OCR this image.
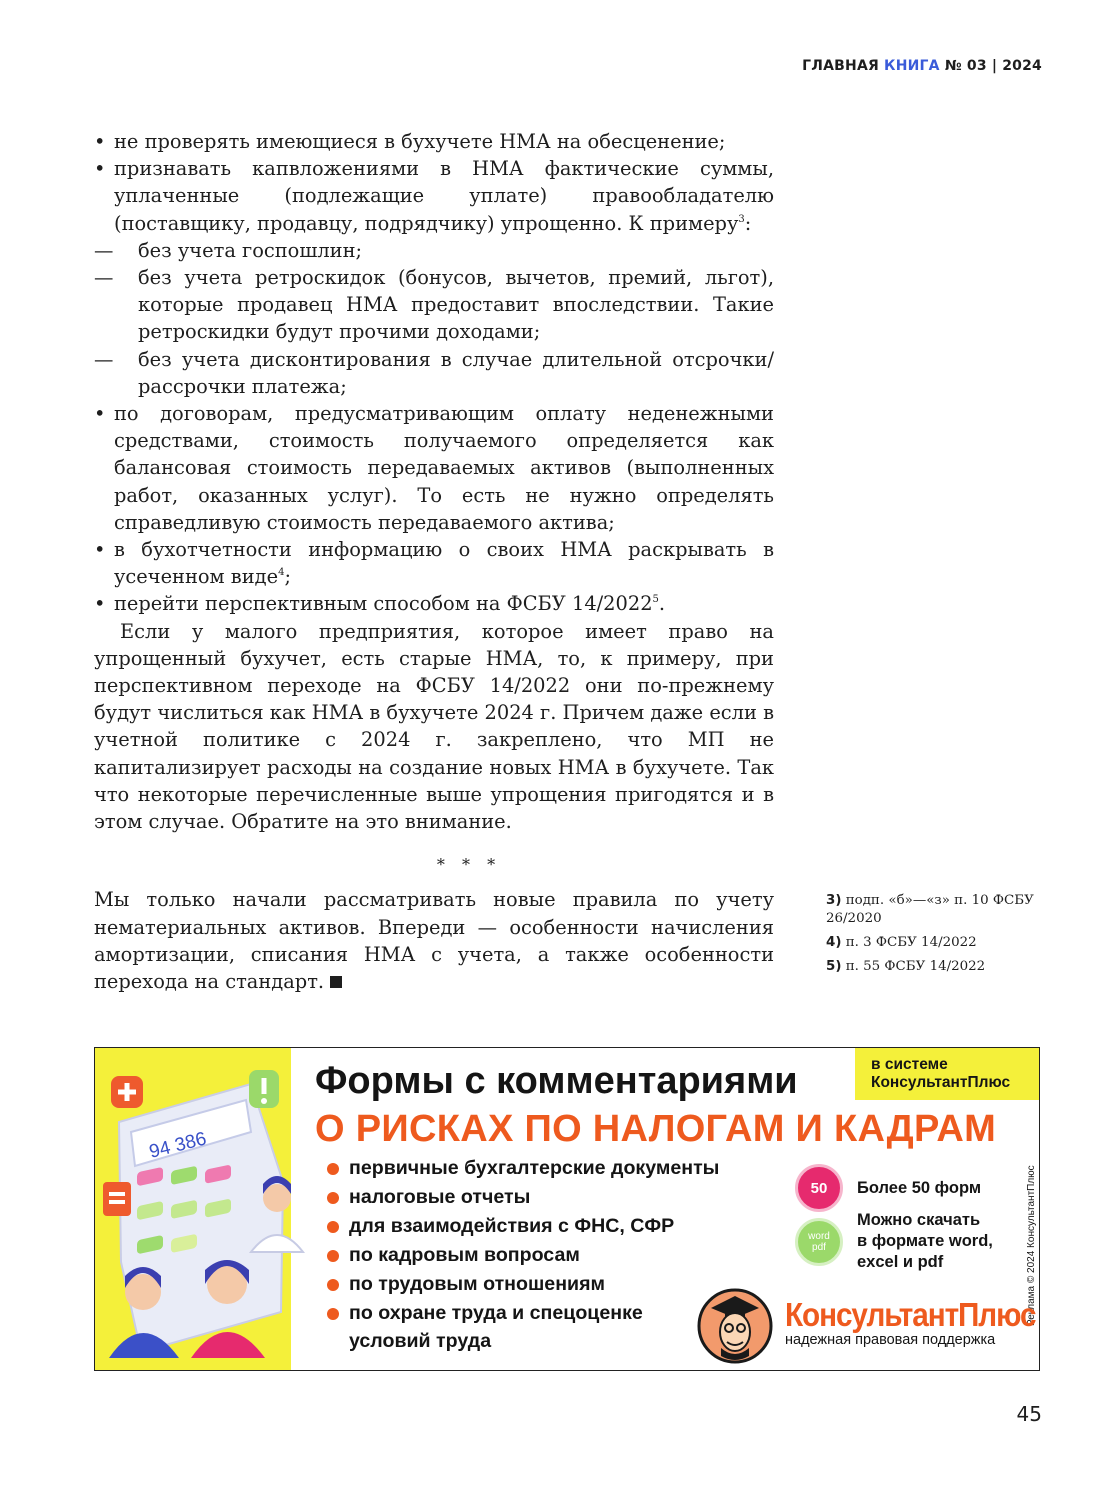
ГЛАВНАЯ КНИГА № 03 | 2024

• не проверять имеющиеся в бухучете НМА на обесценение;

• признавать капвложениями в НМА фактические суммы, уплаченные (подлежащие уплате) правообладателю (поставщику, продавцу, подрядчику) упрощенно. К примеру$^3$:

— без учета госпошлин;

— без учета ретроскидок (бонусов, вычетов, премий, льгот), которые продавец НМА предоставит впоследствии. Такие ретроскидки будут прочими доходами;

— без учета дисконтирования в случае длительной отсрочки/рассрочки платежа;

• по договорам, предусматривающим оплату неденежными средствами, стоимость получаемого определяется как балансовая стоимость передаваемых активов (выполненных работ, оказанных услуг). То есть не нужно определять справедливую стоимость передаваемого актива;

• в бухотчетности информацию о своих НМА раскрывать в усеченном виде$^4$;

• перейти перспективным способом на ФСБУ 14/2022$^5$.

Если у малого предприятия, которое имеет право на упрощенный бухучет, есть старые НМА, то, к примеру, при перспективном переходе на ФСБУ 14/2022 они по-прежнему будут числиться как НМА в бухучете 2024 г. Причем даже если в учетной политике с 2024 г. закреплено, что МП не капитализирует расходы на создание новых НМА в бухучете. Так что некоторые перечисленные выше упрощения пригодятся и в этом случае. Обратите на это внимание.

* * *

Мы только начали рассматривать новые правила по учету нематериальных активов. Впереди — особенности начисления амортизации, списания НМА с учета, а также особенности перехода на стандарт.

3) подп. «б»—«з» п. 10 ФСБУ 26/2020
4) п. 3 ФСБУ 14/2022
5) п. 55 ФСБУ 14/2022
94 386
Формы с комментариями
О РИСКАХ ПО НАЛОГАМ И КАДРАМ
в системе
КонсультантПлюс
первичные бухгалтерские документы
налоговые отчеты
для взаимодействия с ФНС, СФР
по кадровым вопросам
по трудовым отношениям
по охране труда и спецоценке
условий труда
50	Более 50 форм
word
pdf
Можно скачать
в формате word,
excel и pdf	Реклама © 2024 КонсультантПлюс
КонсультантПлюс
надежная правовая поддержка
45
